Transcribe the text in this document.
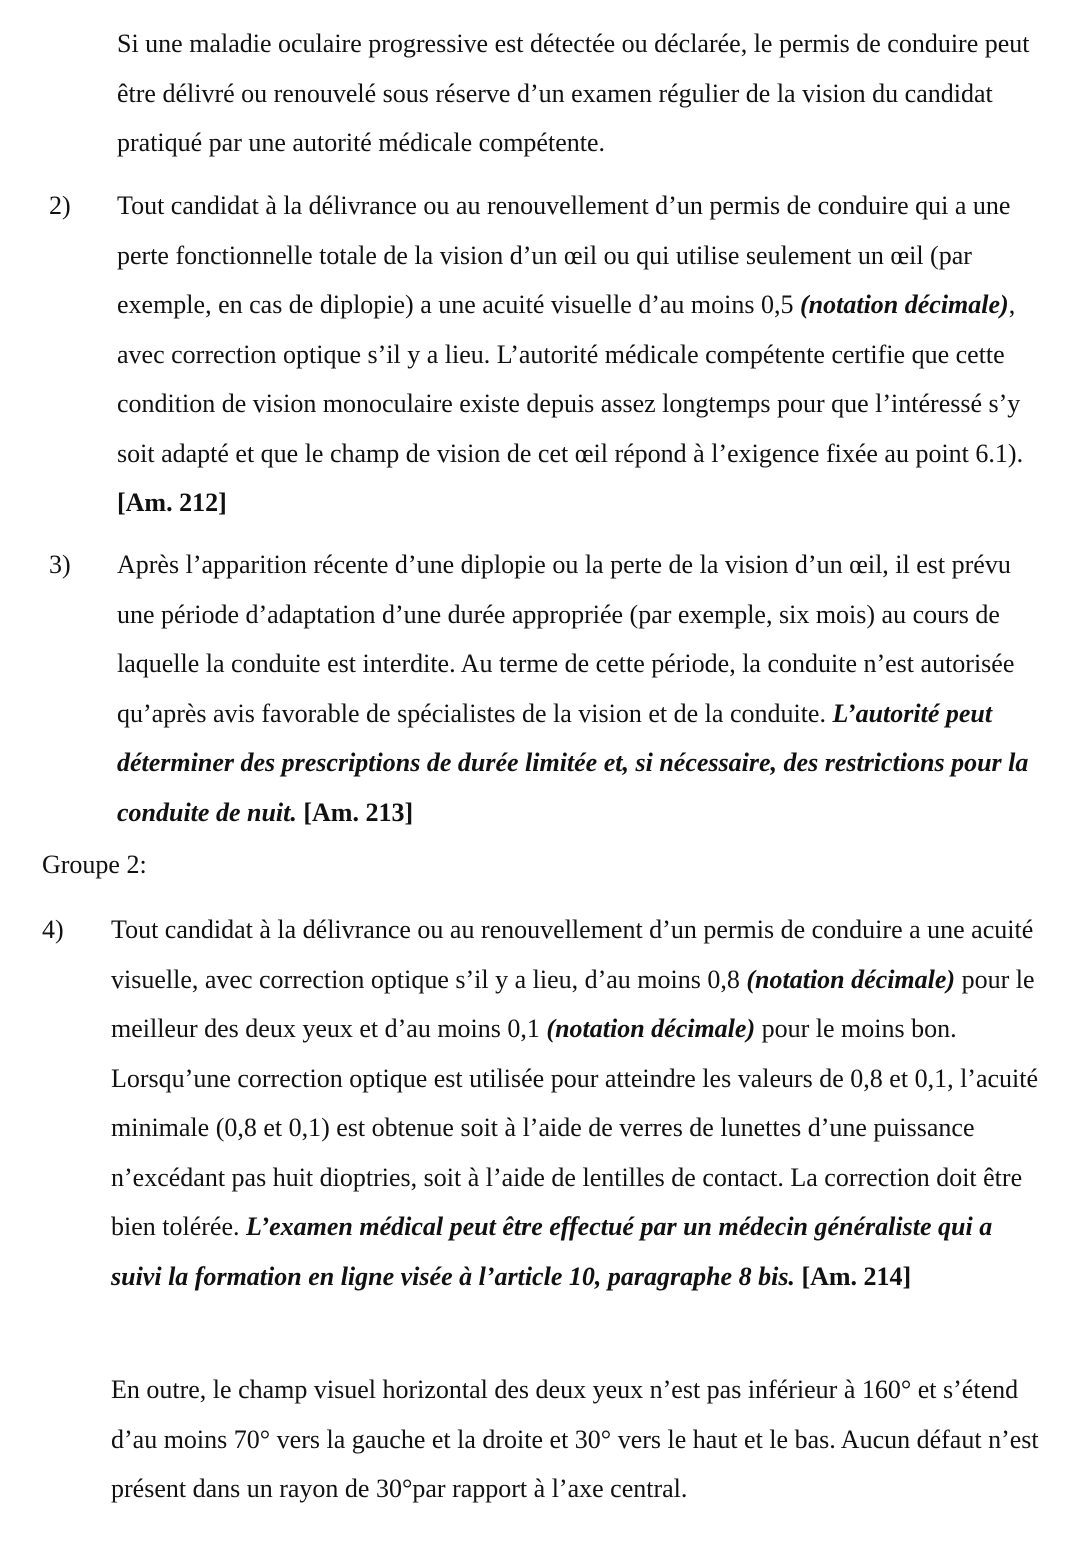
Si une maladie oculaire progressive est détectée ou déclarée, le permis de conduire peut être délivré ou renouvelé sous réserve d’un examen régulier de la vision du candidat pratiqué par une autorité médicale compétente.

2) Tout candidat à la délivrance ou au renouvellement d’un permis de conduire qui a une perte fonctionnelle totale de la vision d’un œil ou qui utilise seulement un œil (par exemple, en cas de diplopie) a une acuité visuelle d’au moins 0,5 (notation décimale), avec correction optique s’il y a lieu. L’autorité médicale compétente certifie que cette condition de vision monoculaire existe depuis assez longtemps pour que l’intéressé s’y soit adapté et que le champ de vision de cet œil répond à l’exigence fixée au point 6.1). [Am. 212]

3) Après l’apparition récente d’une diplopie ou la perte de la vision d’un œil, il est prévu une période d’adaptation d’une durée appropriée (par exemple, six mois) au cours de laquelle la conduite est interdite. Au terme de cette période, la conduite n’est autorisée qu’après avis favorable de spécialistes de la vision et de la conduite. L’autorité peut déterminer des prescriptions de durée limitée et, si nécessaire, des restrictions pour la conduite de nuit. [Am. 213]

Groupe 2:

4) Tout candidat à la délivrance ou au renouvellement d’un permis de conduire a une acuité visuelle, avec correction optique s’il y a lieu, d’au moins 0,8 (notation décimale) pour le meilleur des deux yeux et d’au moins 0,1 (notation décimale) pour le moins bon. Lorsqu’une correction optique est utilisée pour atteindre les valeurs de 0,8 et 0,1, l’acuité minimale (0,8 et 0,1) est obtenue soit à l’aide de verres de lunettes d’une puissance n’excédant pas huit dioptries, soit à l’aide de lentilles de contact. La correction doit être bien tolérée. L’examen médical peut être effectué par un médecin généraliste qui a suivi la formation en ligne visée à l’article 10, paragraphe 8 bis. [Am. 214]

En outre, le champ visuel horizontal des deux yeux n’est pas inférieur à 160° et s’étend d’au moins 70° vers la gauche et la droite et 30° vers le haut et le bas. Aucun défaut n’est présent dans un rayon de 30°par rapport à l’axe central.
